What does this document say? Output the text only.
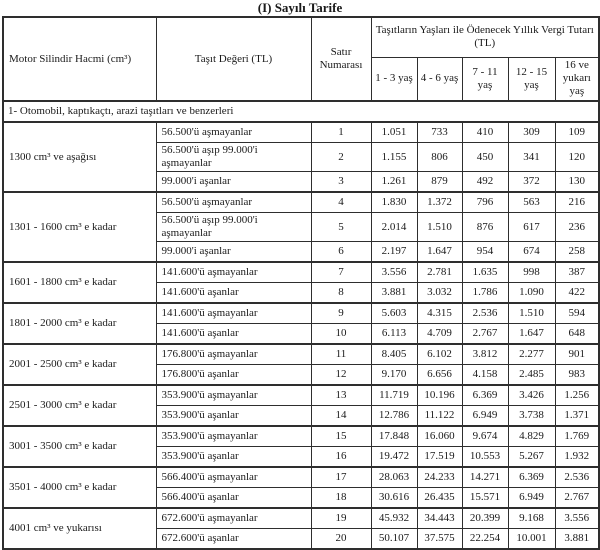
(I) Sayılı Tarife
Motor Silindir Hacmi (cm³)	Taşıt Değeri (TL)	Satır Numarası	Taşıtların Yaşları ile Ödenecek Yıllık Vergi Tutarı (TL)				
			1 - 3 yaş	4 - 6 yaş	7 - 11 yaş	12 - 15 yaş	16 ve yukarı yaş
1- Otomobil, kaptıkaçtı, arazi taşıtları ve benzerleri							
1300 cm³ ve aşağısı	56.500'ü aşmayanlar	1	1.051	733	410	309	109
	56.500'ü aşıp 99.000'i aşmayanlar	2	1.155	806	450	341	120
	99.000'i aşanlar	3	1.261	879	492	372	130
1301 - 1600 cm³ e kadar	56.500'ü aşmayanlar	4	1.830	1.372	796	563	216
	56.500'ü aşıp 99.000'i aşmayanlar	5	2.014	1.510	876	617	236
	99.000'i aşanlar	6	2.197	1.647	954	674	258
1601 - 1800 cm³ e kadar	141.600'ü aşmayanlar	7	3.556	2.781	1.635	998	387
	141.600'ü aşanlar	8	3.881	3.032	1.786	1.090	422
1801 - 2000 cm³ e kadar	141.600'ü aşmayanlar	9	5.603	4.315	2.536	1.510	594
	141.600'ü aşanlar	10	6.113	4.709	2.767	1.647	648
2001 - 2500 cm³ e kadar	176.800'ü aşmayanlar	11	8.405	6.102	3.812	2.277	901
	176.800'ü aşanlar	12	9.170	6.656	4.158	2.485	983
2501 - 3000 cm³ e kadar	353.900'ü aşmayanlar	13	11.719	10.196	6.369	3.426	1.256
	353.900'ü aşanlar	14	12.786	11.122	6.949	3.738	1.371
3001 - 3500 cm³ e kadar	353.900'ü aşmayanlar	15	17.848	16.060	9.674	4.829	1.769
	353.900'ü aşanlar	16	19.472	17.519	10.553	5.267	1.932
3501 - 4000 cm³ e kadar	566.400'ü aşmayanlar	17	28.063	24.233	14.271	6.369	2.536
	566.400'ü aşanlar	18	30.616	26.435	15.571	6.949	2.767
4001 cm³ ve yukarısı	672.600'ü aşmayanlar	19	45.932	34.443	20.399	9.168	3.556
	672.600'ü aşanlar	20	50.107	37.575	22.254	10.001	3.881
